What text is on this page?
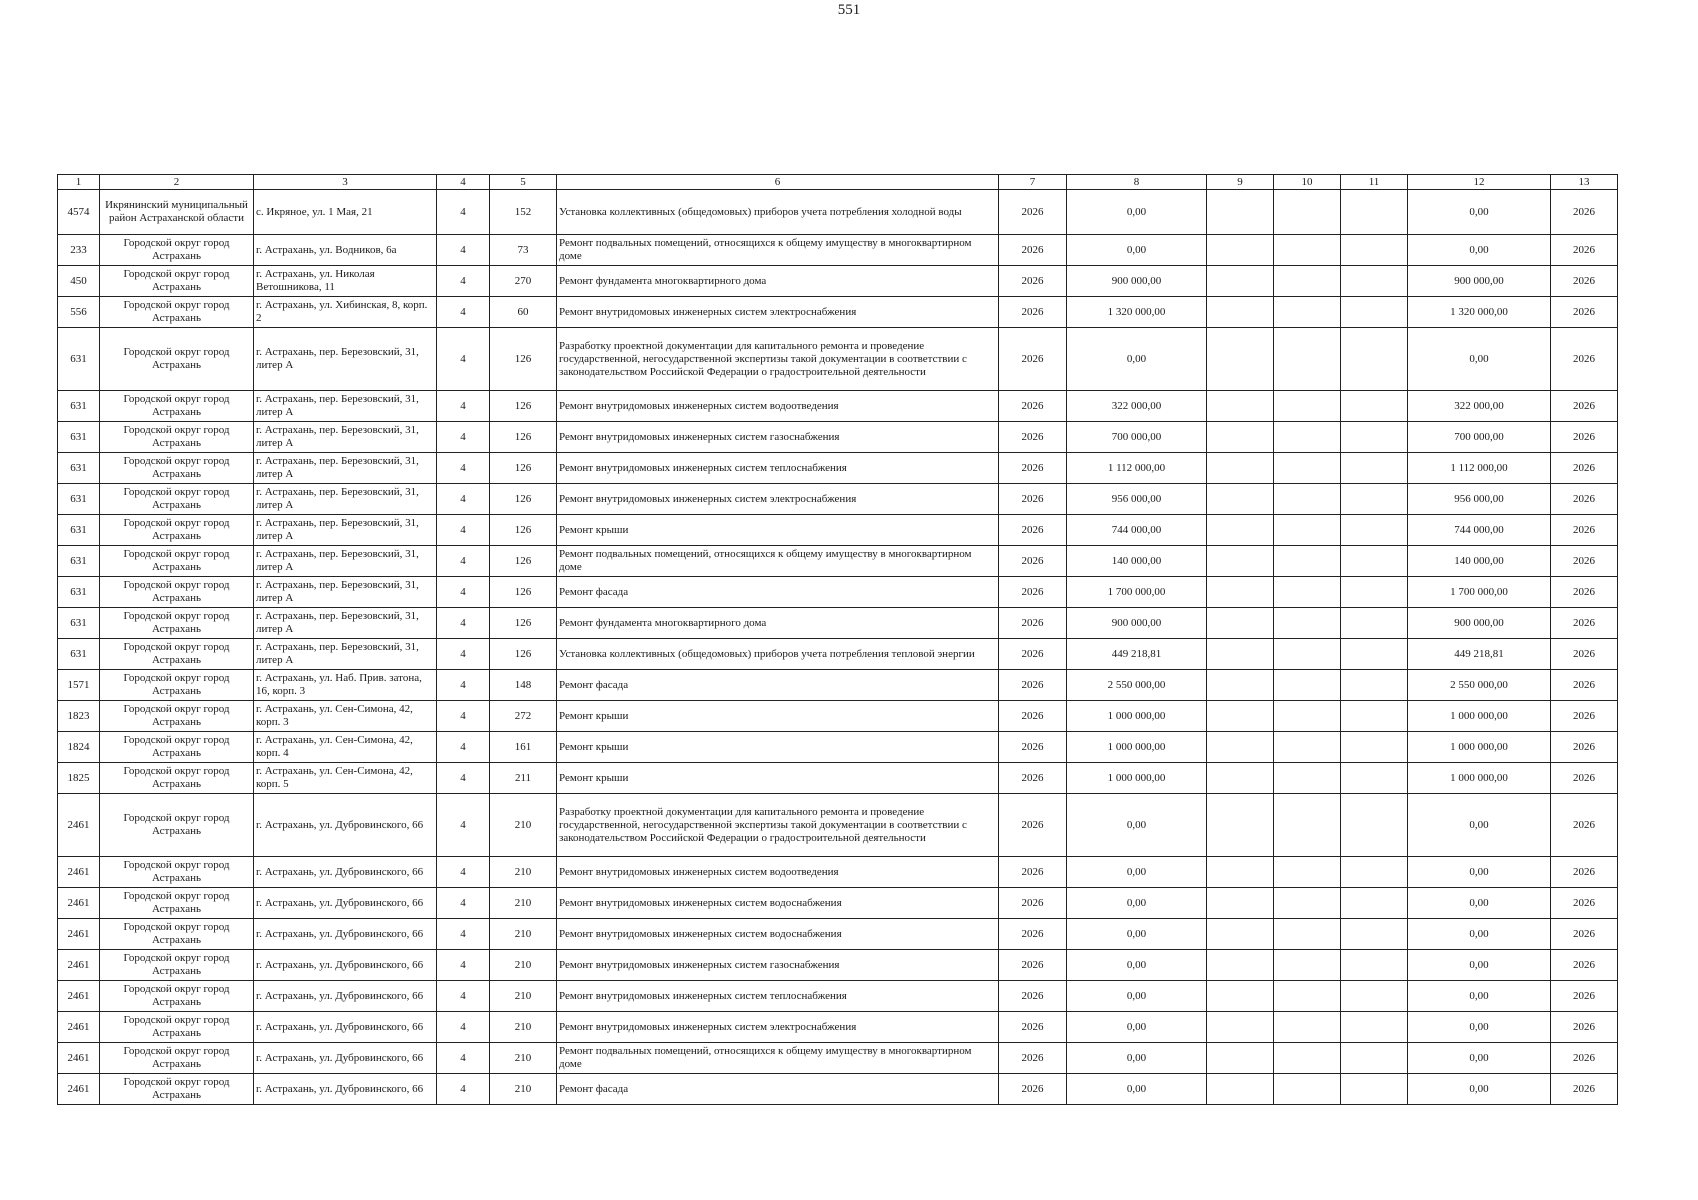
551
1	2	3	4	5	6	7	8	9	10	11	12	13
4574	Икрянинский муниципальный район Астраханской области	с. Икряное, ул. 1 Мая, 21	4	152	Установка коллективных (общедомовых) приборов учета потребления холодной воды	2026	0,00				0,00	2026
233	Городской округ город Астрахань	г. Астрахань, ул. Водников, 6а	4	73	Ремонт подвальных помещений, относящихся к общему имуществу в многоквартирном доме	2026	0,00				0,00	2026
450	Городской округ город Астрахань	г. Астрахань, ул. Николая Ветошникова, 11	4	270	Ремонт фундамента многоквартирного дома	2026	900 000,00				900 000,00	2026
556	Городской округ город Астрахань	г. Астрахань, ул. Хибинская, 8, корп. 2	4	60	Ремонт внутридомовых инженерных систем электроснабжения	2026	1 320 000,00				1 320 000,00	2026
631	Городской округ город Астрахань	г. Астрахань, пер. Березовский, 31, литер А	4	126	Разработку проектной документации для капитального ремонта и проведение государственной, негосударственной экспертизы такой документации в соответствии с законодательством Российской Федерации о градостроительной деятельности	2026	0,00				0,00	2026
631	Городской округ город Астрахань	г. Астрахань, пер. Березовский, 31, литер А	4	126	Ремонт внутридомовых инженерных систем водоотведения	2026	322 000,00				322 000,00	2026
631	Городской округ город Астрахань	г. Астрахань, пер. Березовский, 31, литер А	4	126	Ремонт внутридомовых инженерных систем газоснабжения	2026	700 000,00				700 000,00	2026
631	Городской округ город Астрахань	г. Астрахань, пер. Березовский, 31, литер А	4	126	Ремонт внутридомовых инженерных систем теплоснабжения	2026	1 112 000,00				1 112 000,00	2026
631	Городской округ город Астрахань	г. Астрахань, пер. Березовский, 31, литер А	4	126	Ремонт внутридомовых инженерных систем электроснабжения	2026	956 000,00				956 000,00	2026
631	Городской округ город Астрахань	г. Астрахань, пер. Березовский, 31, литер А	4	126	Ремонт крыши	2026	744 000,00				744 000,00	2026
631	Городской округ город Астрахань	г. Астрахань, пер. Березовский, 31, литер А	4	126	Ремонт подвальных помещений, относящихся к общему имуществу в многоквартирном доме	2026	140 000,00				140 000,00	2026
631	Городской округ город Астрахань	г. Астрахань, пер. Березовский, 31, литер А	4	126	Ремонт фасада	2026	1 700 000,00				1 700 000,00	2026
631	Городской округ город Астрахань	г. Астрахань, пер. Березовский, 31, литер А	4	126	Ремонт фундамента многоквартирного дома	2026	900 000,00				900 000,00	2026
631	Городской округ город Астрахань	г. Астрахань, пер. Березовский, 31, литер А	4	126	Установка коллективных (общедомовых) приборов учета потребления тепловой энергии	2026	449 218,81				449 218,81	2026
1571	Городской округ город Астрахань	г. Астрахань, ул. Наб. Прив. затона, 16, корп. 3	4	148	Ремонт фасада	2026	2 550 000,00				2 550 000,00	2026
1823	Городской округ город Астрахань	г. Астрахань, ул. Сен-Симона, 42, корп. 3	4	272	Ремонт крыши	2026	1 000 000,00				1 000 000,00	2026
1824	Городской округ город Астрахань	г. Астрахань, ул. Сен-Симона, 42, корп. 4	4	161	Ремонт крыши	2026	1 000 000,00				1 000 000,00	2026
1825	Городской округ город Астрахань	г. Астрахань, ул. Сен-Симона, 42, корп. 5	4	211	Ремонт крыши	2026	1 000 000,00				1 000 000,00	2026
2461	Городской округ город Астрахань	г. Астрахань, ул. Дубровинского, 66	4	210	Разработку проектной документации для капитального ремонта и проведение государственной, негосударственной экспертизы такой документации в соответствии с законодательством Российской Федерации о градостроительной деятельности	2026	0,00				0,00	2026
2461	Городской округ город Астрахань	г. Астрахань, ул. Дубровинского, 66	4	210	Ремонт внутридомовых инженерных систем водоотведения	2026	0,00				0,00	2026
2461	Городской округ город Астрахань	г. Астрахань, ул. Дубровинского, 66	4	210	Ремонт внутридомовых инженерных систем водоснабжения	2026	0,00				0,00	2026
2461	Городской округ город Астрахань	г. Астрахань, ул. Дубровинского, 66	4	210	Ремонт внутридомовых инженерных систем водоснабжения	2026	0,00				0,00	2026
2461	Городской округ город Астрахань	г. Астрахань, ул. Дубровинского, 66	4	210	Ремонт внутридомовых инженерных систем газоснабжения	2026	0,00				0,00	2026
2461	Городской округ город Астрахань	г. Астрахань, ул. Дубровинского, 66	4	210	Ремонт внутридомовых инженерных систем теплоснабжения	2026	0,00				0,00	2026
2461	Городской округ город Астрахань	г. Астрахань, ул. Дубровинского, 66	4	210	Ремонт внутридомовых инженерных систем электроснабжения	2026	0,00				0,00	2026
2461	Городской округ город Астрахань	г. Астрахань, ул. Дубровинского, 66	4	210	Ремонт подвальных помещений, относящихся к общему имуществу в многоквартирном доме	2026	0,00				0,00	2026
2461	Городской округ город Астрахань	г. Астрахань, ул. Дубровинского, 66	4	210	Ремонт фасада	2026	0,00				0,00	2026
